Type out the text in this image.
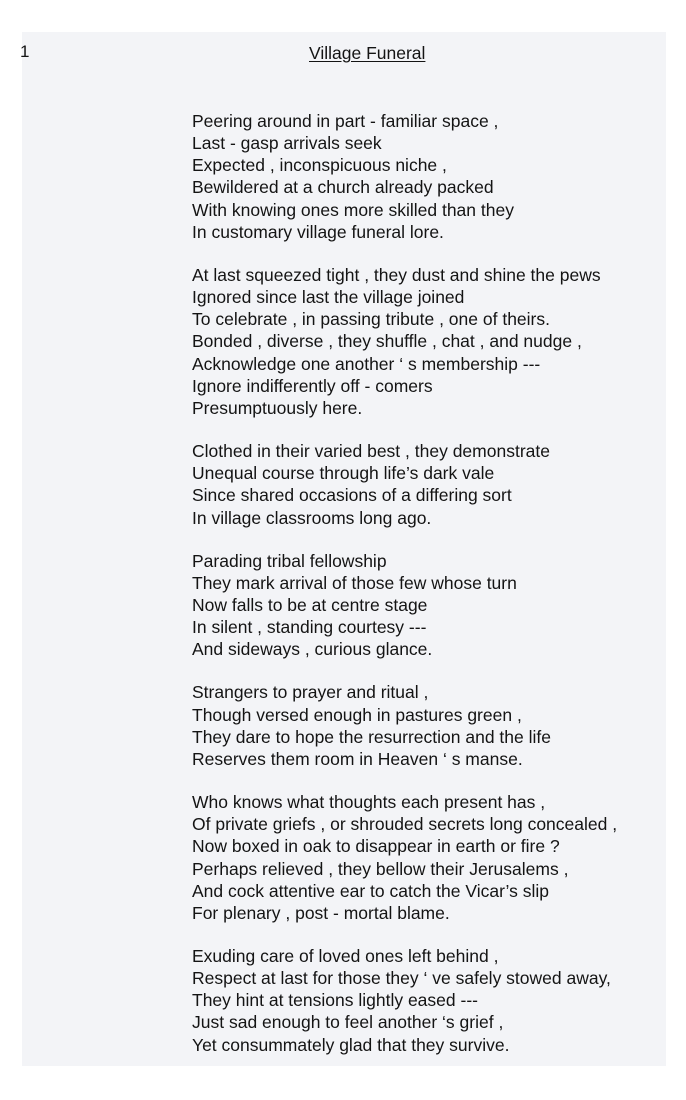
1	Village Funeral
Peering around in part - familiar space ,
Last - gasp arrivals seek
Expected , inconspicuous niche ,
Bewildered at a church already packed
With knowing ones more skilled than they
In customary village funeral lore.
At last squeezed tight , they dust and shine the pews
Ignored since last the village joined
To celebrate , in passing tribute , one of theirs.
Bonded , diverse , they shuffle , chat , and nudge ,
Acknowledge one another ‘ s membership ---
Ignore indifferently off - comers
Presumptuously here.
Clothed in their varied best , they demonstrate
Unequal course through life’s dark vale
Since shared occasions of a differing sort
In village classrooms long ago.
Parading tribal fellowship
They mark arrival of those few whose turn
Now falls to be at centre stage
In silent , standing courtesy ---
And sideways , curious glance.
Strangers to prayer and ritual ,
Though versed enough in pastures green ,
They dare to hope the resurrection and the life
Reserves them room in Heaven ‘ s manse.
Who knows what thoughts each present has ,
Of private griefs , or shrouded secrets long concealed ,
Now boxed in oak to disappear in earth or fire ?
Perhaps relieved , they bellow their Jerusalems ,
And cock attentive ear to catch the Vicar’s slip
For plenary , post - mortal blame.
Exuding care of loved ones left behind ,
Respect at last for those they ‘ ve safely stowed away,
They hint at tensions lightly eased ---
Just sad enough to feel another ‘s grief ,
Yet consummately glad that they survive.
